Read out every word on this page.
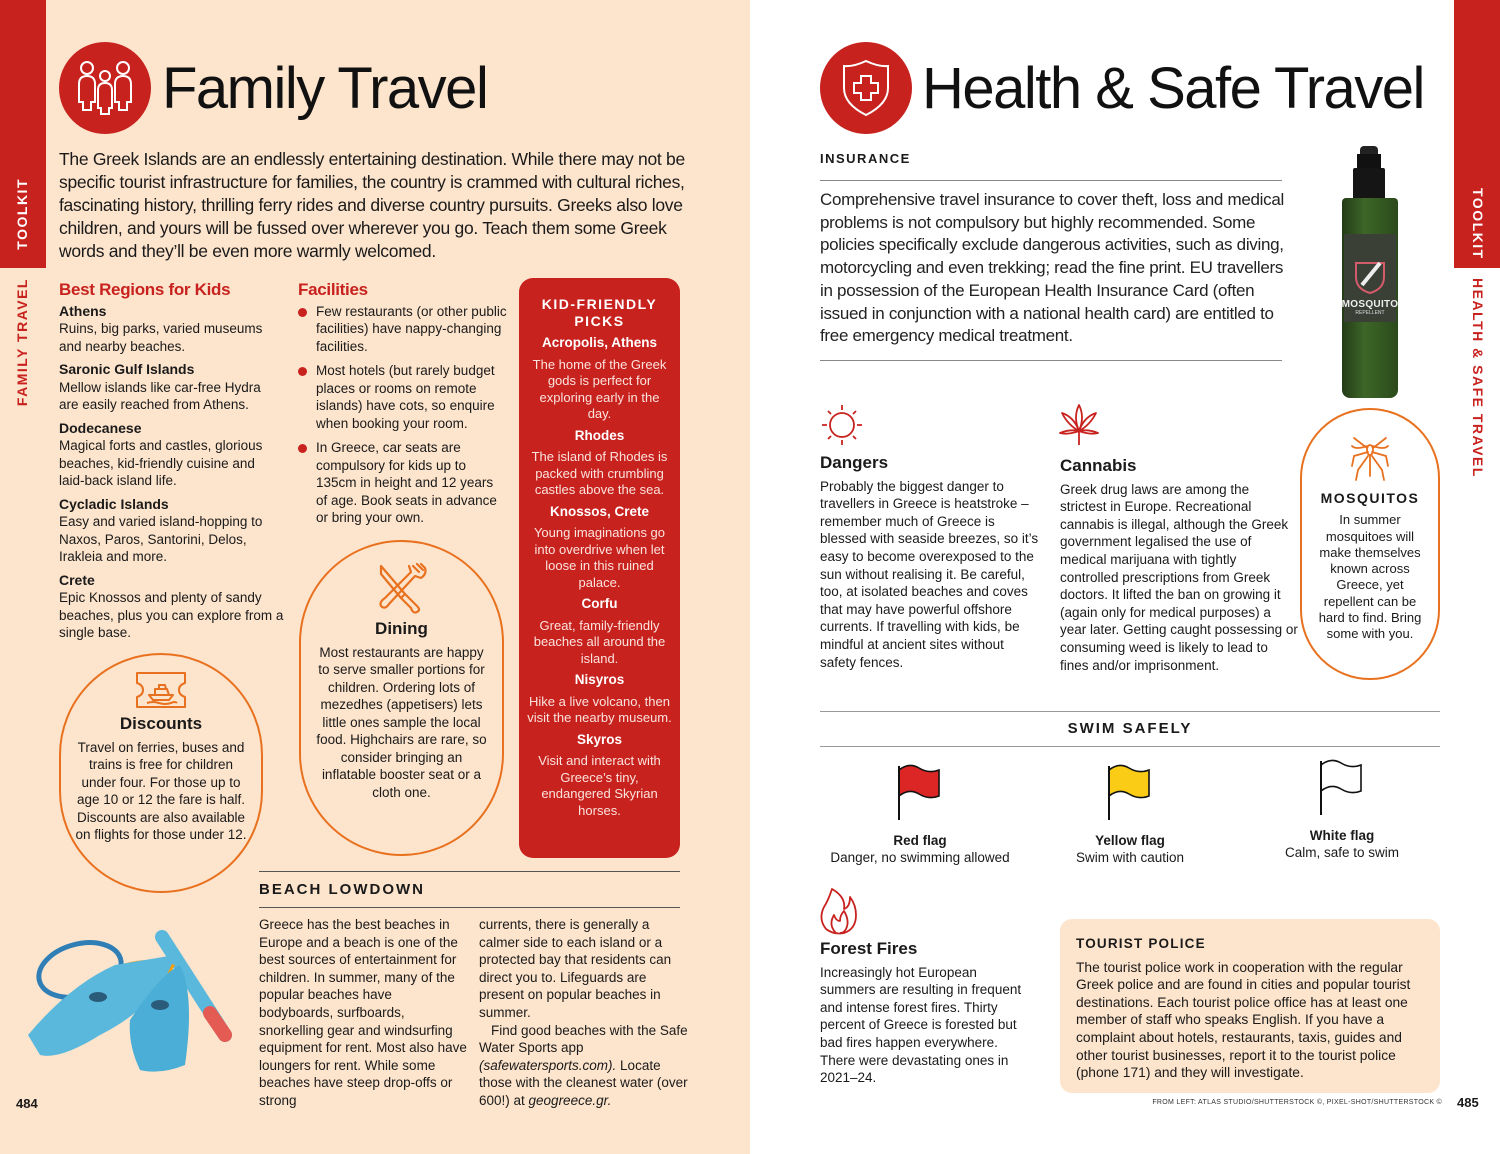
TOOLKIT
FAMILY TRAVEL
Family Travel

The Greek Islands are an endlessly entertaining destination. While there may not be specific tourist infrastructure for families, the country is crammed with cultural riches, fascinating history, thrilling ferry rides and diverse country pursuits. Greeks also love children, and yours will be fussed over wherever you go. Teach them some Greek words and they’ll be even more warmly welcomed.

Best Regions for Kids
Athens
Ruins, big parks, varied museums and nearby beaches.
Saronic Gulf Islands
Mellow islands like car-free Hydra are easily reached from Athens.
Dodecanese
Magical forts and castles, glorious beaches, kid-friendly cuisine and laid-back island life.
Cycladic Islands
Easy and varied island-hopping to Naxos, Paros, Santorini, Delos, Irakleia and more.
Crete
Epic Knossos and plenty of sandy beaches, plus you can explore from a single base.
Facilities
Few restaurants (or other public facilities) have nappy-changing facilities.
Most hotels (but rarely budget places or rooms on remote islands) have cots, so enquire when booking your room.
In Greece, car seats are compulsory for kids up to 135cm in height and 12 years of age. Book seats in advance or bring your own.
KID-FRIENDLY PICKS
Acropolis, Athens
The home of the Greek gods is perfect for exploring early in the day.
Rhodes
The island of Rhodes is packed with crumbling castles above the sea.
Knossos, Crete
Young imaginations go into overdrive when let loose in this ruined palace.
Corfu
Great, family-friendly beaches all around the island.
Nisyros
Hike a live volcano, then visit the nearby museum.
Skyros
Visit and interact with Greece’s tiny, endangered Skyrian horses.
Dining
Most restaurants are happy to serve smaller portions for children. Ordering lots of mezedhes (appetisers) lets little ones sample the local food. Highchairs are rare, so consider bringing an inflatable booster seat or a cloth one.
Discounts
Travel on ferries, buses and trains is free for children under four. For those up to age 10 or 12 the fare is half. Discounts are also available on flights for those under 12.
BEACH LOWDOWN
Greece has the best beaches in Europe and a beach is one of the best sources of entertainment for children. In summer, many of the popular beaches have bodyboards, surfboards, snorkelling gear and windsurfing equipment for rent. Most also have loungers for rent. While some beaches have steep drop-offs or strong
currents, there is generally a calmer side to each island or a protected bay that residents can direct you to. Lifeguards are present on popular beaches in summer.
Find good beaches with the Safe Water Sports app (safewatersports.com). Locate those with the cleanest water (over 600!) at geogreece.gr.
484
TOOLKIT
HEALTH & SAFE TRAVEL
Health & Safe Travel
INSURANCE

Comprehensive travel insurance to cover theft, loss and medical problems is not compulsory but highly recommended. Some policies specifically exclude dangerous activities, such as diving, motorcycling and even trekking; read the fine print. EU travellers in possession of the European Health Insurance Card (often issued in conjunction with a national health card) are entitled to free emergency medical treatment.

MOSQUITO
REPELLENT
Dangers
Probably the biggest danger to travellers in Greece is heatstroke – remember much of Greece is blessed with seaside breezes, so it’s easy to become overexposed to the sun without realising it. Be careful, too, at isolated beaches and coves that may have powerful offshore currents. If travelling with kids, be mindful at ancient sites without safety fences.
Cannabis
Greek drug laws are among the strictest in Europe. Recreational cannabis is illegal, although the Greek government legalised the use of medical marijuana with tightly controlled prescriptions from Greek doctors. It lifted the ban on growing it (again only for medical purposes) a year later. Getting caught possessing or consuming weed is likely to lead to fines and/or imprisonment.
MOSQUITOS
In summer mosquitoes will make themselves known across Greece, yet repellent can be hard to find. Bring some with you.
SWIM SAFELY
Red flag
Danger, no swimming allowed
Yellow flag
Swim with caution
White flag
Calm, safe to swim
Forest Fires
Increasingly hot European summers are resulting in frequent and intense forest fires. Thirty percent of Greece is forested but bad fires happen everywhere. There were devastating ones in 2021–24.
TOURIST POLICE
The tourist police work in cooperation with the regular Greek police and are found in cities and popular tourist destinations. Each tourist police office has at least one member of staff who speaks English. If you have a complaint about hotels, restaurants, taxis, guides and other tourist businesses, report it to the tourist police (phone 171) and they will investigate.
FROM LEFT: ATLAS STUDIO/SHUTTERSTOCK ©, PIXEL-SHOT/SHUTTERSTOCK © 485
